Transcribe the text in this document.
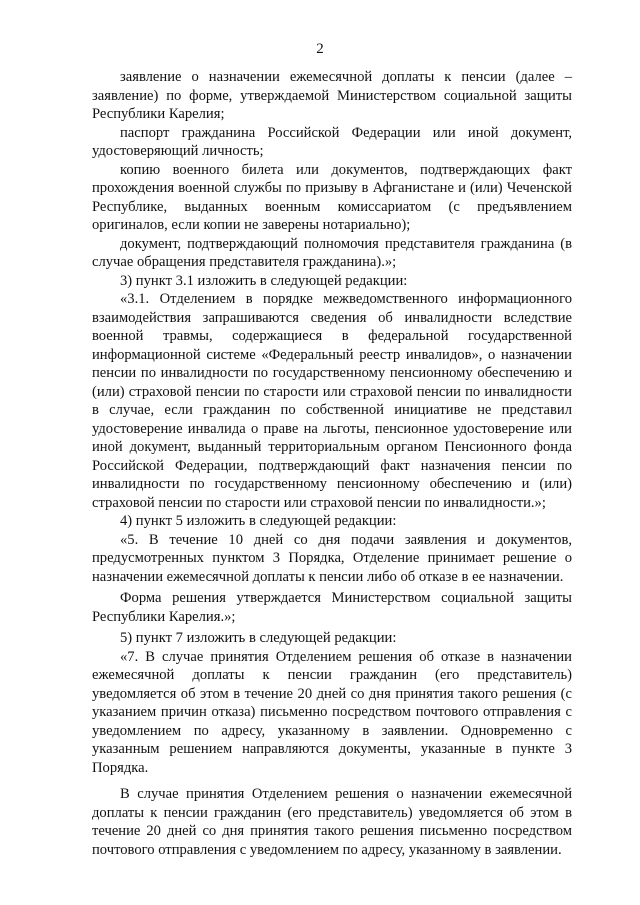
2

заявление о назначении ежемесячной доплаты к пенсии (далее – заявление) по форме, утверждаемой Министерством социальной защиты Республики Карелия;

паспорт гражданина Российской Федерации или иной документ, удостоверяющий личность;

копию военного билета или документов, подтверждающих факт прохождения военной службы по призыву в Афганистане и (или) Чеченской Республике, выданных военным комиссариатом (с предъявлением оригиналов, если копии не заверены нотариально);

документ, подтверждающий полномочия представителя гражданина (в случае обращения представителя гражданина).»;

3) пункт 3.1 изложить в следующей редакции:

«3.1. Отделением в порядке межведомственного информационного взаимодействия запрашиваются сведения об инвалидности вследствие военной травмы, содержащиеся в федеральной государственной информационной системе «Федеральный реестр инвалидов», о назначении пенсии по инвалидности по государственному пенсионному обеспечению и (или) страховой пенсии по старости или страховой пенсии по инвалидности в случае, если гражданин по собственной инициативе не представил удостоверение инвалида о праве на льготы, пенсионное удостоверение или иной документ, выданный территориальным органом Пенсионного фонда Российской Федерации, подтверждающий факт назначения пенсии по инвалидности по государственному пенсионному обеспечению и (или) страховой пенсии по старости или страховой пенсии по инвалидности.»;

4) пункт 5 изложить в следующей редакции:

«5. В течение 10 дней со дня подачи заявления и документов, предусмотренных пунктом 3 Порядка, Отделение принимает решение о назначении ежемесячной доплаты к пенсии либо об отказе в ее назначении.

Форма решения утверждается Министерством социальной защиты Республики Карелия.»;

5) пункт 7 изложить в следующей редакции:

«7. В случае принятия Отделением решения об отказе в назначении ежемесячной доплаты к пенсии гражданин (его представитель) уведомляется об этом в течение 20 дней со дня принятия такого решения (с указанием причин отказа) письменно посредством почтового отправления с уведомлением по адресу, указанному в заявлении. Одновременно с указанным решением направляются документы, указанные в пункте 3 Порядка.

В случае принятия Отделением решения о назначении ежемесячной доплаты к пенсии гражданин (его представитель) уведомляется об этом в течение 20 дней со дня принятия такого решения письменно посредством почтового отправления с уведомлением по адресу, указанному в заявлении.
